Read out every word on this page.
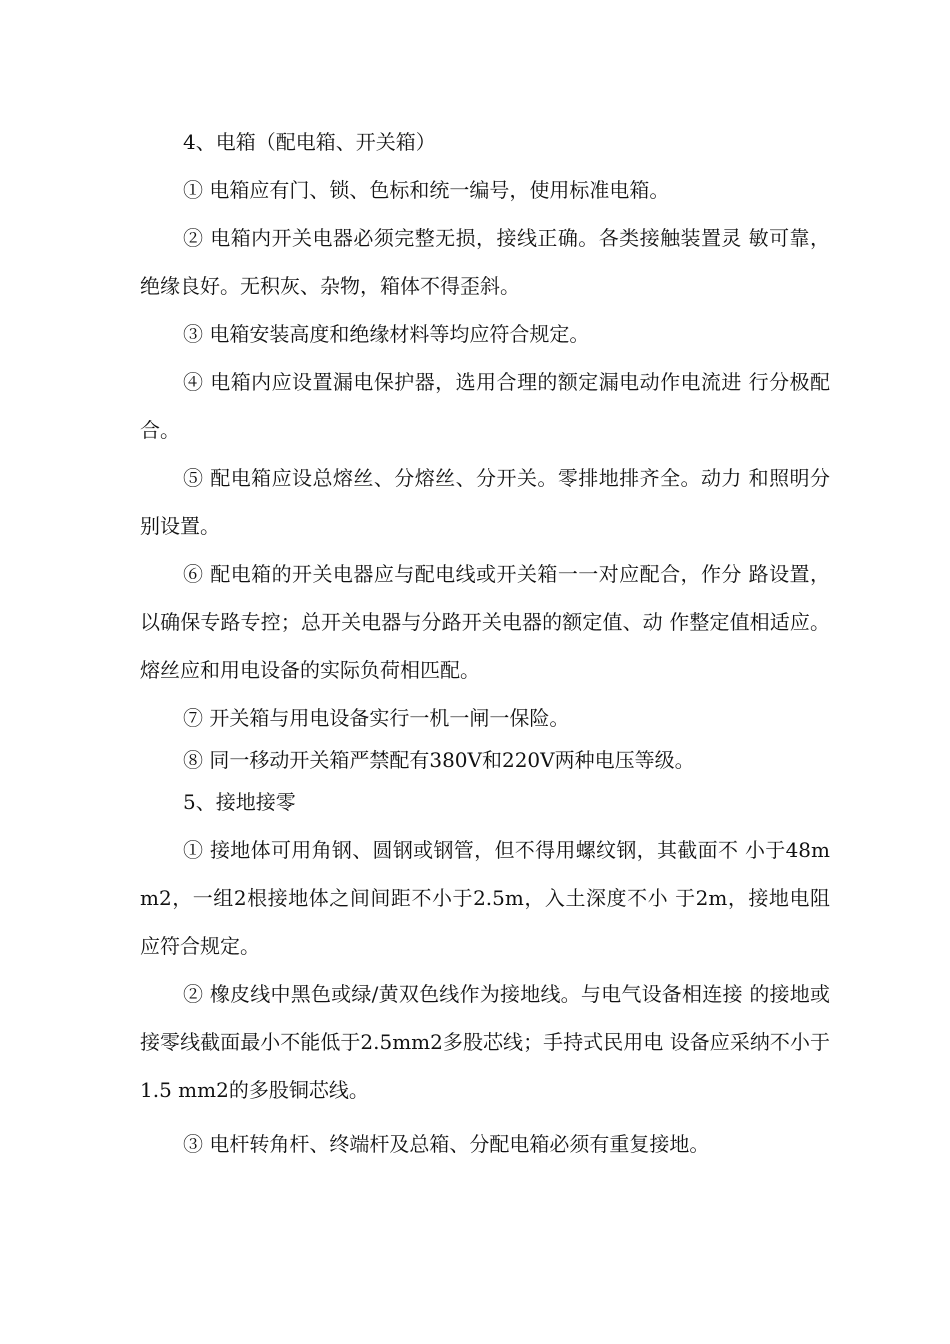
4、电箱（配电箱、开关箱）

① 电箱应有门、锁、色标和统一编号，使用标准电箱。

② 电箱内开关电器必须完整无损，接线正确。各类接触装置灵 敏可靠，绝缘良好。无积灰、杂物，箱体不得歪斜。

③ 电箱安装高度和绝缘材料等均应符合规定。

④ 电箱内应设置漏电保护器，选用合理的额定漏电动作电流进 行分极配合。

⑤ 配电箱应设总熔丝、分熔丝、分开关。零排地排齐全。动力 和照明分别设置。

⑥ 配电箱的开关电器应与配电线或开关箱一一对应配合，作分 路设置，以确保专路专控；总开关电器与分路开关电器的额定值、动 作整定值相适应。熔丝应和用电设备的实际负荷相匹配。

⑦ 开关箱与用电设备实行一机一闸一保险。

⑧ 同一移动开关箱严禁配有380V和220V两种电压等级。

5、接地接零

① 接地体可用角钢、圆钢或钢管，但不得用螺纹钢，其截面不 小于48mm2，一组2根接地体之间间距不小于2.5m，入土深度不小 于2m，接地电阻应符合规定。

② 橡皮线中黑色或绿/黄双色线作为接地线。与电气设备相连接 的接地或接零线截面最小不能低于2.5mm2多股芯线；手持式民用电 设备应采纳不小于1.5 mm2的多股铜芯线。

③ 电杆转角杆、终端杆及总箱、分配电箱必须有重复接地。
